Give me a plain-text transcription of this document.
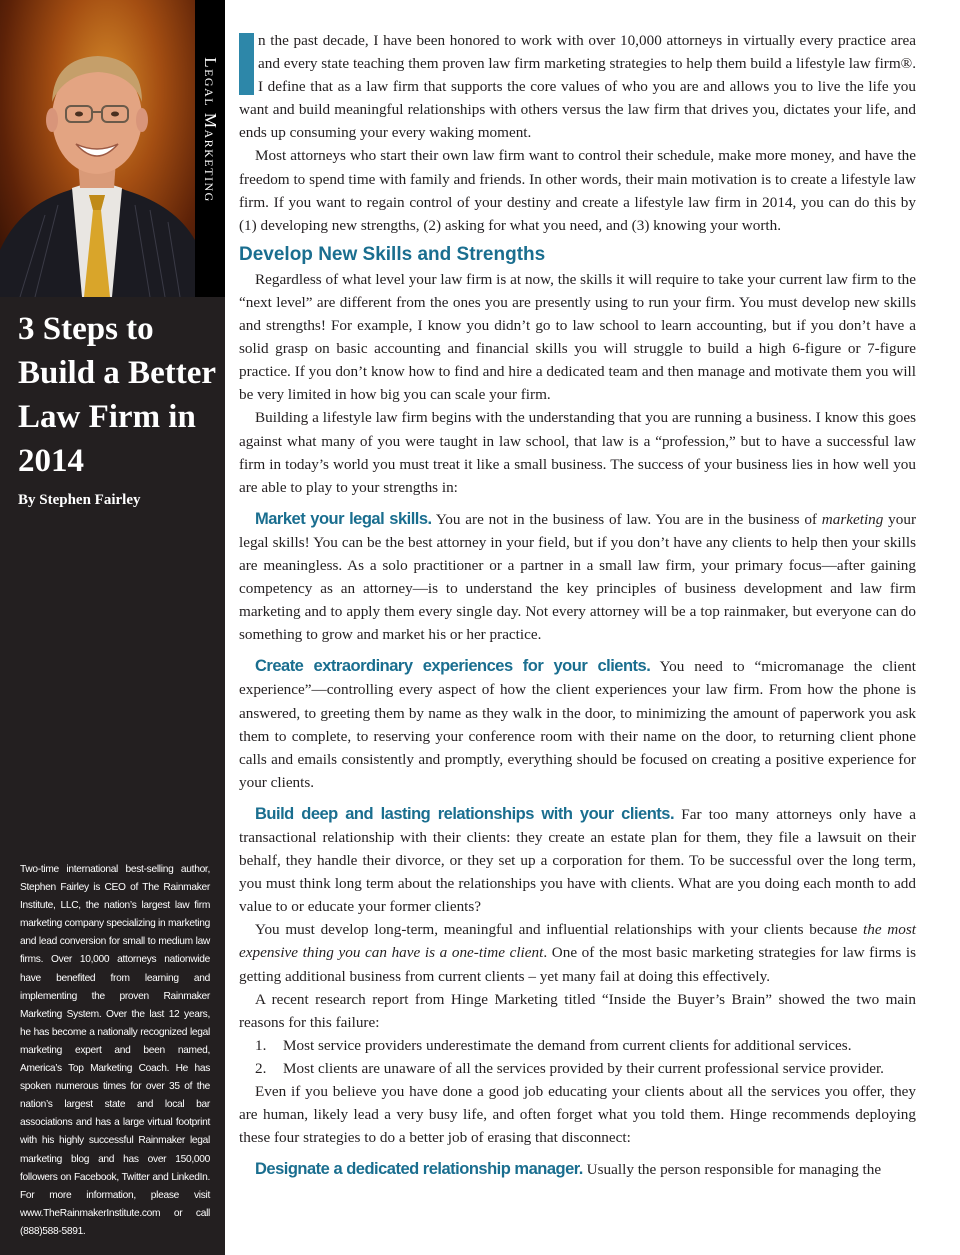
Legal Marketing
3 Steps to Build a Better Law Firm in 2014
By Stephen Fairley

Two-time international best-selling author, Stephen Fairley is CEO of The Rainmaker Institute, LLC, the nation’s largest law firm marketing company specializing in marketing and lead conversion for small to medium law firms. Over 10,000 attorneys nationwide have benefited from learning and implementing the proven Rainmaker Marketing System. Over the last 12 years, he has become a nationally recognized legal marketing expert and been named, America’s Top Marketing Coach. He has spoken numerous times for over 35 of the nation’s largest state and local bar associations and has a large virtual footprint with his highly successful Rainmaker legal marketing blog and has over 150,000 followers on Facebook, Twitter and LinkedIn. For more information, please visit www.TheRainmakerInstitute.com or call (888)588-5891.

n the past decade, I have been honored to work with over 10,000 attorneys in virtually every practice area and every state teaching them proven law firm marketing strategies to help them build a lifestyle law firm®. I define that as a law firm that supports the core values of who you are and allows you to live the life you want and build meaningful relationships with others versus the law firm that drives you, dictates your life, and ends up consuming your every waking moment.

Most attorneys who start their own law firm want to control their schedule, make more money, and have the freedom to spend time with family and friends. In other words, their main motivation is to create a lifestyle law firm. If you want to regain control of your destiny and create a lifestyle law firm in 2014, you can do this by (1) developing new strengths, (2) asking for what you need, and (3) knowing your worth.

Develop New Skills and Strengths

Regardless of what level your law firm is at now, the skills it will require to take your current law firm to the “next level” are different from the ones you are presently using to run your firm. You must develop new skills and strengths! For example, I know you didn’t go to law school to learn accounting, but if you don’t have a solid grasp on basic accounting and financial skills you will struggle to build a high 6-figure or 7-figure practice. If you don’t know how to find and hire a dedicated team and then manage and motivate them you will be very limited in how big you can scale your firm.

Building a lifestyle law firm begins with the understanding that you are running a business. I know this goes against what many of you were taught in law school, that law is a “profession,” but to have a successful law firm in today’s world you must treat it like a small business. The success of your business lies in how well you are able to play to your strengths in:

Market your legal skills. You are not in the business of law. You are in the business of marketing your legal skills! You can be the best attorney in your field, but if you don’t have any clients to help then your skills are meaningless. As a solo practitioner or a partner in a small law firm, your primary focus—after gaining competency as an attorney—is to understand the key principles of business development and law firm marketing and to apply them every single day. Not every attorney will be a top rainmaker, but everyone can do something to grow and market his or her practice.

Create extraordinary experiences for your clients. You need to “micromanage the client experience”—controlling every aspect of how the client experiences your law firm. From how the phone is answered, to greeting them by name as they walk in the door, to minimizing the amount of paperwork you ask them to complete, to reserving your conference room with their name on the door, to returning client phone calls and emails consistently and promptly, everything should be focused on creating a positive experience for your clients.

Build deep and lasting relationships with your clients. Far too many attorneys only have a transactional relationship with their clients: they create an estate plan for them, they file a lawsuit on their behalf, they handle their divorce, or they set up a corporation for them. To be successful over the long term, you must think long term about the relationships you have with clients. What are you doing each month to add value to or educate your former clients?

You must develop long-term, meaningful and influential relationships with your clients because the most expensive thing you can have is a one-time client. One of the most basic marketing strategies for law firms is getting additional business from current clients – yet many fail at doing this effectively.

A recent research report from Hinge Marketing titled “Inside the Buyer’s Brain” showed the two main reasons for this failure:

1. Most service providers underestimate the demand from current clients for additional services.
2. Most clients are unaware of all the services provided by their current professional service provider.

Even if you believe you have done a good job educating your clients about all the services you offer, they are human, likely lead a very busy life, and often forget what you told them. Hinge recommends deploying these four strategies to do a better job of erasing that disconnect:

Designate a dedicated relationship manager. Usually the person responsible for managing the
